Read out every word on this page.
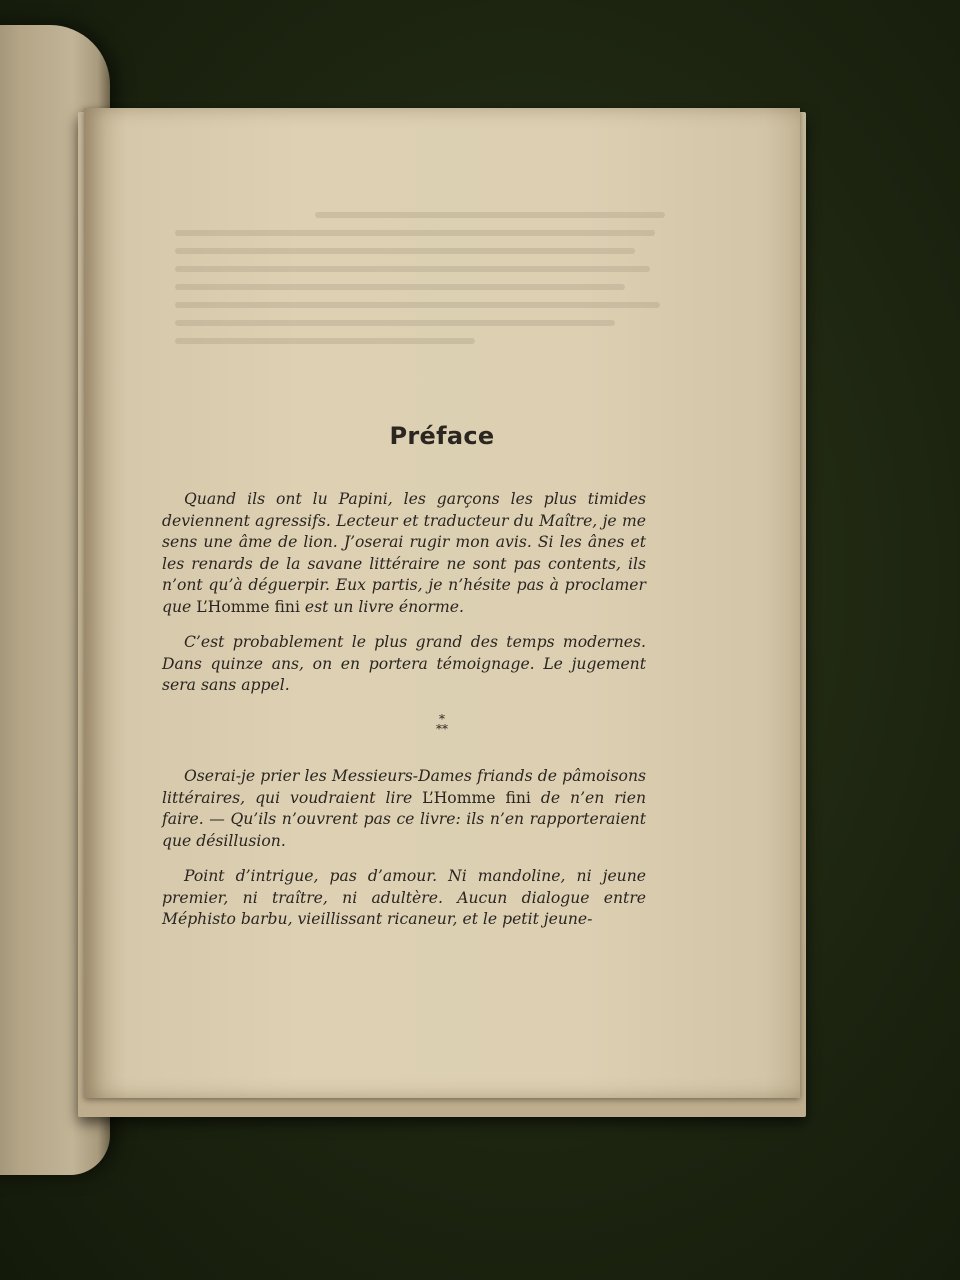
Préface

Quand ils ont lu Papini, les garçons les plus timides deviennent agressifs. Lecteur et traducteur du Maître, je me sens une âme de lion. J’oserai rugir mon avis. Si les ânes et les renards de la savane littéraire ne sont pas contents, ils n’ont qu’à déguerpir. Eux partis, je n’hésite pas à proclamer que L’Homme fini est un livre énorme.

C’est probablement le plus grand des temps modernes. Dans quinze ans, on en portera témoignage. Le jugement sera sans appel.

*
**

Oserai-je prier les Messieurs-Dames friands de pâmoisons littéraires, qui voudraient lire L’Homme fini de n’en rien faire. — Qu’ils n’ouvrent pas ce livre: ils n’en rapporteraient que désillusion.

Point d’intrigue, pas d’amour. Ni mandoline, ni jeune premier, ni traître, ni adultère. Aucun dialogue entre Méphisto barbu, vieillissant ricaneur, et le petit jeune-
